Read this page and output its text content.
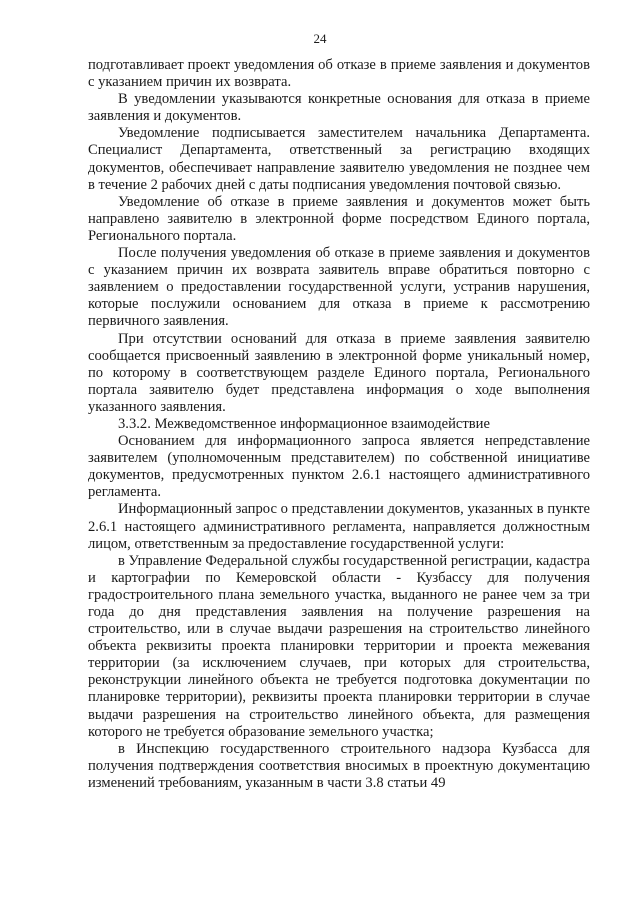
24

подготавливает проект уведомления об отказе в приеме заявления и документов с указанием причин их возврата.

В уведомлении указываются конкретные основания для отказа в приеме заявления и документов.

Уведомление подписывается заместителем начальника Департамента. Специалист Департамента, ответственный за регистрацию входящих документов, обеспечивает направление заявителю уведомления не позднее чем в течение 2 рабочих дней с даты подписания уведомления почтовой связью.

Уведомление об отказе в приеме заявления и документов может быть направлено заявителю в электронной форме посредством Единого портала, Регионального портала.

После получения уведомления об отказе в приеме заявления и документов с указанием причин их возврата заявитель вправе обратиться повторно с заявлением о предоставлении государственной услуги, устранив нарушения, которые послужили основанием для отказа в приеме к рассмотрению первичного заявления.

При отсутствии оснований для отказа в приеме заявления заявителю сообщается присвоенный заявлению в электронной форме уникальный номер, по которому в соответствующем разделе Единого портала, Регионального портала заявителю будет представлена информация о ходе выполнения указанного заявления.

3.3.2. Межведомственное информационное взаимодействие

Основанием для информационного запроса является непредставление заявителем (уполномоченным представителем) по собственной инициативе документов, предусмотренных пунктом 2.6.1 настоящего административного регламента.

Информационный запрос о представлении документов, указанных в пункте 2.6.1 настоящего административного регламента, направляется должностным лицом, ответственным за предоставление государственной услуги:

в Управление Федеральной службы государственной регистрации, кадастра и картографии по Кемеровской области - Кузбассу для получения градостроительного плана земельного участка, выданного не ранее чем за три года до дня представления заявления на получение разрешения на строительство, или в случае выдачи разрешения на строительство линейного объекта реквизиты проекта планировки территории и проекта межевания территории (за исключением случаев, при которых для строительства, реконструкции линейного объекта не требуется подготовка документации по планировке территории), реквизиты проекта планировки территории в случае выдачи разрешения на строительство линейного объекта, для размещения которого не требуется образование земельного участка;

в Инспекцию государственного строительного надзора Кузбасса для получения подтверждения соответствия вносимых в проектную документацию изменений требованиям, указанным в части 3.8 статьи 49
